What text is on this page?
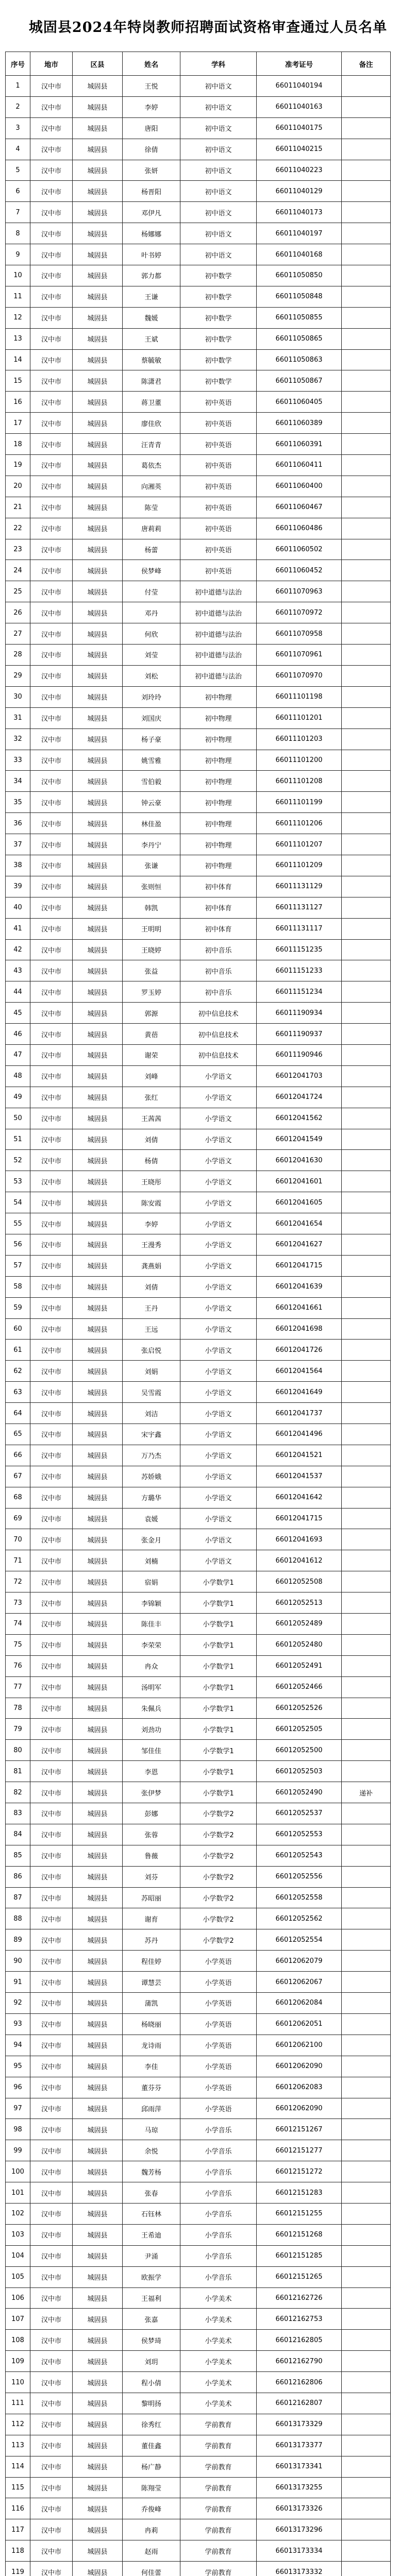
城固县2024年特岗教师招聘面试资格审查通过人员名单
序号	地市	区县	姓名	学科	准考证号	备注
1	汉中市	城固县	王悦	初中语文	66011040194	
2	汉中市	城固县	李婷	初中语文	66011040163	
3	汉中市	城固县	唐阳	初中语文	66011040175	
4	汉中市	城固县	徐倩	初中语文	66011040215	
5	汉中市	城固县	张妍	初中语文	66011040223	
6	汉中市	城固县	杨晋阳	初中语文	66011040129	
7	汉中市	城固县	邓伊凡	初中语文	66011040173	
8	汉中市	城固县	杨娜娜	初中语文	66011040197	
9	汉中市	城固县	叶书婷	初中语文	66011040168	
10	汉中市	城固县	郭力都	初中数学	66011050850	
11	汉中市	城固县	王谦	初中数学	66011050848	
12	汉中市	城固县	魏媛	初中数学	66011050855	
13	汉中市	城固县	王斌	初中数学	66011050865	
14	汉中市	城固县	蔡毓敏	初中数学	66011050863	
15	汉中市	城固县	陈潇君	初中数学	66011050867	
16	汉中市	城固县	蒋卫董	初中英语	66011060405	
17	汉中市	城固县	廖佳欣	初中英语	66011060389	
18	汉中市	城固县	汪青青	初中英语	66011060391	
19	汉中市	城固县	葛依杰	初中英语	66011060411	
20	汉中市	城固县	向湘英	初中英语	66011060400	
21	汉中市	城固县	陈莹	初中英语	66011060467	
22	汉中市	城固县	唐莉莉	初中英语	66011060486	
23	汉中市	城固县	杨蕾	初中英语	66011060502	
24	汉中市	城固县	侯梦峰	初中英语	66011060452	
25	汉中市	城固县	付莹	初中道德与法治	66011070963	
26	汉中市	城固县	邓丹	初中道德与法治	66011070972	
27	汉中市	城固县	何欣	初中道德与法治	66011070958	
28	汉中市	城固县	刘莹	初中道德与法治	66011070961	
29	汉中市	城固县	刘松	初中道德与法治	66011070970	
30	汉中市	城固县	刘玲玲	初中物理	66011101198	
31	汉中市	城固县	刘国庆	初中物理	66011101201	
32	汉中市	城固县	杨子豪	初中物理	66011101203	
33	汉中市	城固县	姚雪雅	初中物理	66011101200	
34	汉中市	城固县	雪伯毅	初中物理	66011101208	
35	汉中市	城固县	钟云豪	初中物理	66011101199	
36	汉中市	城固县	林佳盈	初中物理	66011101206	
37	汉中市	城固县	李丹宁	初中物理	66011101207	
38	汉中市	城固县	张谦	初中物理	66011101209	
39	汉中市	城固县	张则恒	初中体育	66011131129	
40	汉中市	城固县	韩凯	初中体育	66011131127	
41	汉中市	城固县	王明明	初中体育	66011131117	
42	汉中市	城固县	王晓婷	初中音乐	66011151235	
43	汉中市	城固县	张益	初中音乐	66011151233	
44	汉中市	城固县	罗玉婷	初中音乐	66011151234	
45	汉中市	城固县	郭源	初中信息技术	66011190934	
46	汉中市	城固县	黄蓓	初中信息技术	66011190937	
47	汉中市	城固县	谢荣	初中信息技术	66011190946	
48	汉中市	城固县	刘峰	小学语文	66012041703	
49	汉中市	城固县	张红	小学语文	66012041724	
50	汉中市	城固县	王茜茜	小学语文	66012041562	
51	汉中市	城固县	刘倩	小学语文	66012041549	
52	汉中市	城固县	杨倩	小学语文	66012041630	
53	汉中市	城固县	王晓彤	小学语文	66012041601	
54	汉中市	城固县	陈安霞	小学语文	66012041605	
55	汉中市	城固县	李婷	小学语文	66012041654	
56	汉中市	城固县	王漫秀	小学语文	66012041627	
57	汉中市	城固县	龚燕娟	小学语文	66012041715	
58	汉中市	城固县	刘倩	小学语文	66012041639	
59	汉中市	城固县	王丹	小学语文	66012041661	
60	汉中市	城固县	王远	小学语文	66012041698	
61	汉中市	城固县	张启悦	小学语文	66012041726	
62	汉中市	城固县	刘娟	小学语文	66012041564	
63	汉中市	城固县	吴雪霞	小学语文	66012041649	
64	汉中市	城固县	刘洁	小学语文	66012041737	
65	汉中市	城固县	宋宇鑫	小学语文	66012041496	
66	汉中市	城固县	万乃杰	小学语文	66012041521	
67	汉中市	城固县	苏娇娥	小学语文	66012041537	
68	汉中市	城固县	方璐华	小学语文	66012041642	
69	汉中市	城固县	袁媛	小学语文	66012041715	
70	汉中市	城固县	张金月	小学语文	66012041693	
71	汉中市	城固县	刘楠	小学语文	66012041612	
72	汉中市	城固县	宿娟	小学数学1	66012052508	
73	汉中市	城固县	李锦颖	小学数学1	66012052513	
74	汉中市	城固县	陈佳丰	小学数学1	66012052489	
75	汉中市	城固县	李荣荣	小学数学1	66012052480	
76	汉中市	城固县	冉众	小学数学1	66012052491	
77	汉中市	城固县	汤明军	小学数学1	66012052466	
78	汉中市	城固县	朱佩兵	小学数学1	66012052526	
79	汉中市	城固县	刘劲功	小学数学1	66012052505	
80	汉中市	城固县	邹佳佳	小学数学1	66012052500	
81	汉中市	城固县	李恩	小学数学1	66012052503	
82	汉中市	城固县	张伊梦	小学数学1	66012052490	递补
83	汉中市	城固县	彭娜	小学数学2	66012052537	
84	汉中市	城固县	张蓉	小学数学2	66012052553	
85	汉中市	城固县	鲁薇	小学数学2	66012052543	
86	汉中市	城固县	刘芬	小学数学2	66012052556	
87	汉中市	城固县	苏昭丽	小学数学2	66012052558	
88	汉中市	城固县	谢育	小学数学2	66012052562	
89	汉中市	城固县	苏丹	小学数学2	66012052554	
90	汉中市	城固县	程佳婷	小学英语	66012062079	
91	汉中市	城固县	谭慧芸	小学英语	66012062067	
92	汉中市	城固县	蒲凯	小学英语	66012062084	
93	汉中市	城固县	杨晓丽	小学英语	66012062051	
94	汉中市	城固县	龙诗雨	小学英语	66012062100	
95	汉中市	城固县	李佳	小学英语	66012062090	
96	汉中市	城固县	董芬芬	小学英语	66012062083	
97	汉中市	城固县	邱雨萍	小学英语	66012062090	
98	汉中市	城固县	马琼	小学音乐	66012151267	
99	汉中市	城固县	余悦	小学音乐	66012151277	
100	汉中市	城固县	魏芳杨	小学音乐	66012151272	
101	汉中市	城固县	张春	小学音乐	66012151283	
102	汉中市	城固县	石钰林	小学音乐	66012151255	
103	汉中市	城固县	王希迪	小学音乐	66012151268	
104	汉中市	城固县	尹涌	小学音乐	66012151285	
105	汉中市	城固县	欧振学	小学音乐	66012151265	
106	汉中市	城固县	王福利	小学美术	66012162726	
107	汉中市	城固县	张嘉	小学美术	66012162753	
108	汉中市	城固县	侯梦琦	小学美术	66012162805	
109	汉中市	城固县	刘玥	小学美术	66012162790	
110	汉中市	城固县	程小倩	小学美术	66012162806	
111	汉中市	城固县	黎明扬	小学美术	66012162807	
112	汉中市	城固县	徐秀红	学前教育	66013173329	
113	汉中市	城固县	董佳鑫	学前教育	66013173377	
114	汉中市	城固县	杨广静	学前教育	66013173341	
115	汉中市	城固县	陈翔莹	学前教育	66013173255	
116	汉中市	城固县	乔俊峰	学前教育	66013173326	
117	汉中市	城固县	冉莉	学前教育	66013173296	
118	汉中市	城固县	赵雨	学前教育	66013173334	
119	汉中市	城固县	何佳蕾	学前教育	66013173332	
